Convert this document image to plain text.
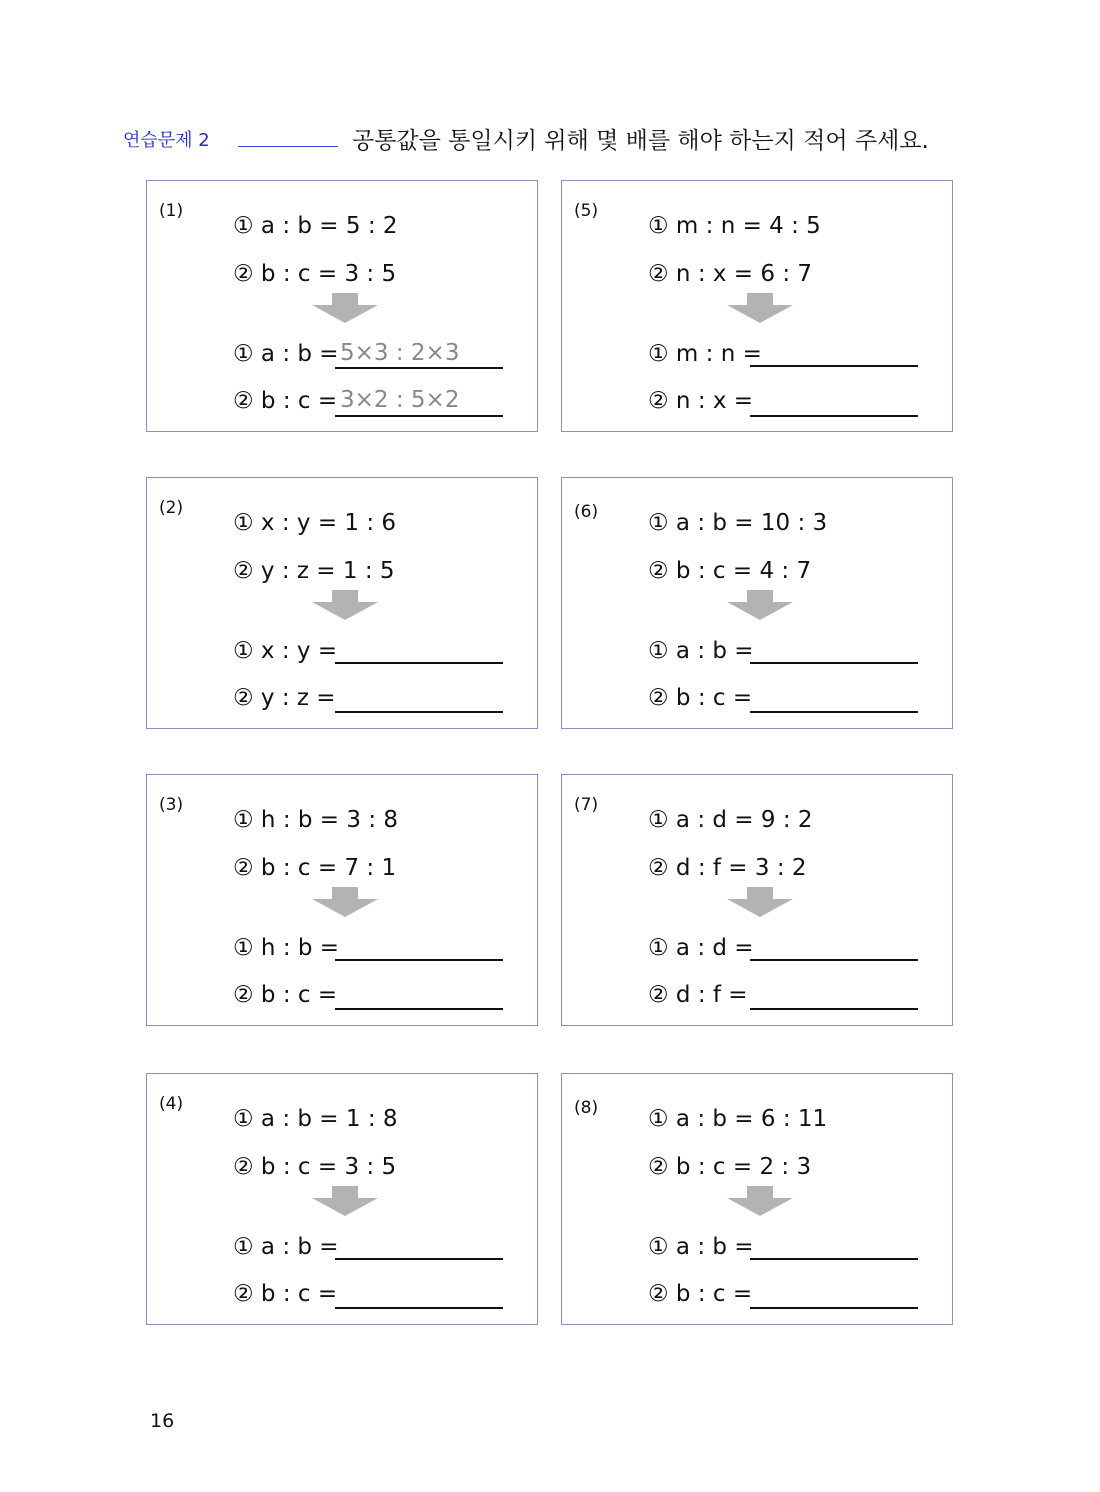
연습문제 2	공통값을 통일시키 위해 몇 배를 해야 하는지 적어 주세요.
(1)
① a : b = 5 : 2
② b : c = 3 : 5
① a : b = 5×3 : 2×3
② b : c = 3×2 : 5×2
(2)
① x : y = 1 : 6
② y : z = 1 : 5
① x : y =
② y : z =
(3)
① h : b = 3 : 8
② b : c = 7 : 1
① h : b =
② b : c =
(4)
① a : b = 1 : 8
② b : c = 3 : 5
① a : b =
② b : c =
(5)
① m : n = 4 : 5
② n : x = 6 : 7
① m : n =
② n : x =
(6) ① a : b = 10 : 3
② b : c = 4 : 7
① a : b =
② b : c =
(7)
① a : d = 9 : 2
② d : f = 3 : 2
① a : d =
② d : f =
(8) ① a : b = 6 : 11
② b : c = 2 : 3
① a : b =
② b : c =
16
